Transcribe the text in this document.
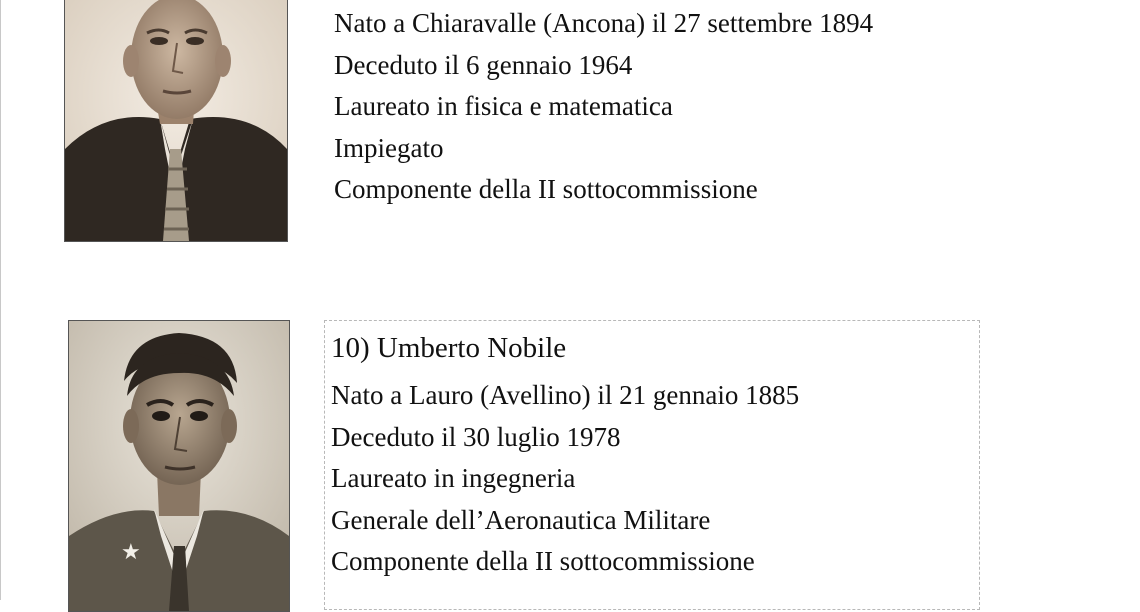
Nato a Chiaravalle (Ancona) il 27 settembre 1894
Deceduto il 6 gennaio 1964
Laureato in fisica e matematica
Impiegato
Componente della II sottocommissione
★
10) Umberto Nobile
Nato a Lauro (Avellino) il 21 gennaio 1885
Deceduto il 30 luglio 1978
Laureato in ingegneria
Generale dell’Aeronautica Militare
Componente della II sottocommissione
